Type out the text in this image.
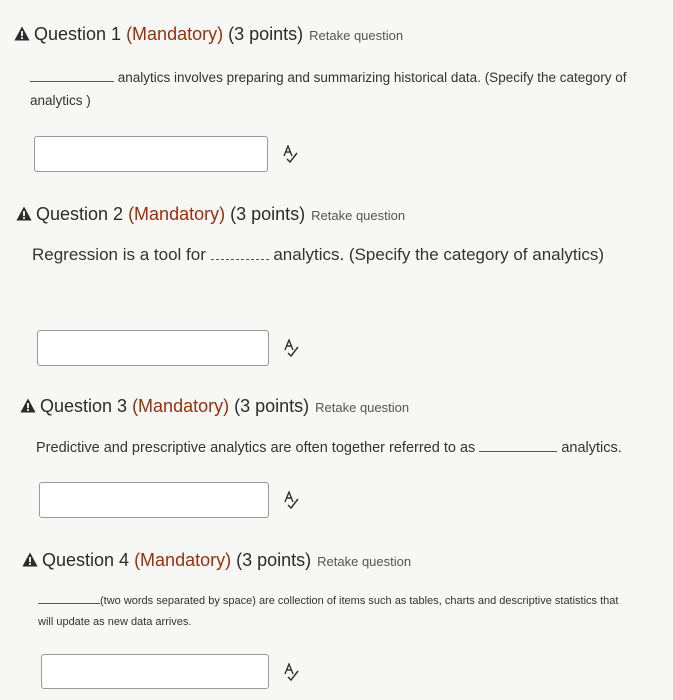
Question 1 (Mandatory) (3 points) Retake question
analytics involves preparing and summarizing historical data. (Specify the category of
analytics )
Question 2 (Mandatory) (3 points) Retake question
Regression is a tool for	analytics. (Specify the category of analytics)
Question 3 (Mandatory) (3 points) Retake question
Predictive and prescriptive analytics are often together referred to as	analytics.
Question 4 (Mandatory) (3 points) Retake question
(two words separated by space) are collection of items such as tables, charts and descriptive statistics that
will update as new data arrives.
